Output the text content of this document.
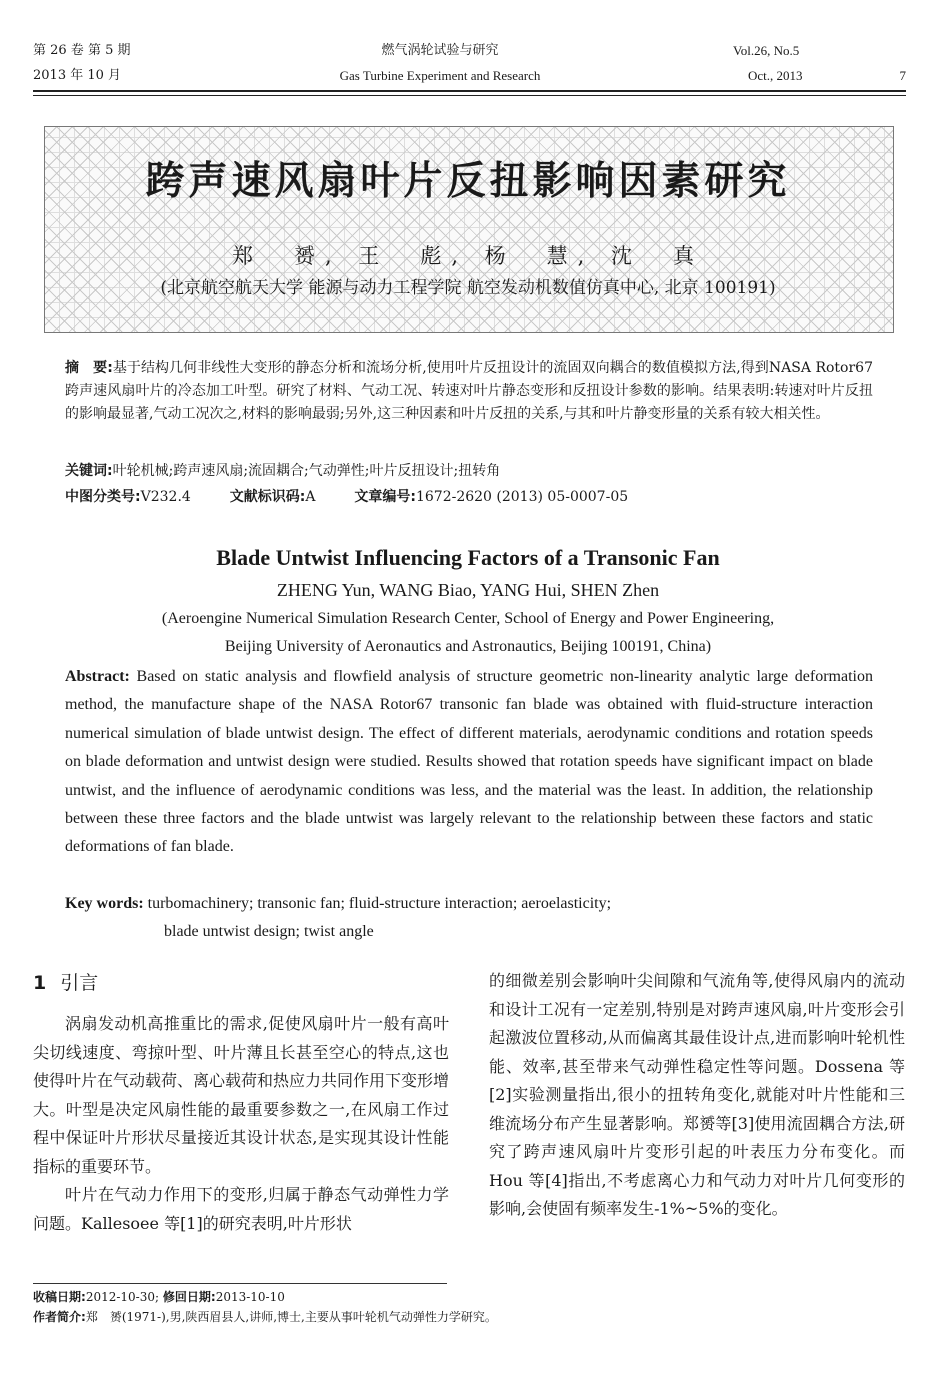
第 26 卷 第 5 期
2013 年 10 月
燃气涡轮试验与研究
Gas Turbine Experiment and Research
Vol.26, No.5
Oct., 2013	7
跨声速风扇叶片反扭影响因素研究
郑　赟, 王　彪, 杨　慧, 沈　真
(北京航空航天大学 能源与动力工程学院 航空发动机数值仿真中心, 北京 100191)
摘　要:基于结构几何非线性大变形的静态分析和流场分析,使用叶片反扭设计的流固双向耦合的数值模拟方法,得到NASA Rotor67跨声速风扇叶片的冷态加工叶型。研究了材料、气动工况、转速对叶片静态变形和反扭设计参数的影响。结果表明:转速对叶片反扭的影响最显著,气动工况次之,材料的影响最弱;另外,这三种因素和叶片反扭的关系,与其和叶片静变形量的关系有较大相关性。
关键词:叶轮机械;跨声速风扇;流固耦合;气动弹性;叶片反扭设计;扭转角
中图分类号:V232.4	文献标识码:A	文章编号:1672-2620 (2013) 05-0007-05
Blade Untwist Influencing Factors of a Transonic Fan
ZHENG Yun, WANG Biao, YANG Hui, SHEN Zhen
(Aeroengine Numerical Simulation Research Center, School of Energy and Power Engineering,
Beijing University of Aeronautics and Astronautics, Beijing 100191, China)
Abstract: Based on static analysis and flowfield analysis of structure geometric non-linearity analytic large deformation method, the manufacture shape of the NASA Rotor67 transonic fan blade was obtained with fluid-structure interaction numerical simulation of blade untwist design. The effect of different materials, aerodynamic conditions and rotation speeds on blade deformation and untwist design were studied. Results showed that rotation speeds have significant impact on blade untwist, and the influence of aerodynamic conditions was less, and the material was the least. In addition, the relationship between these three factors and the blade untwist was largely relevant to the relationship between these factors and static deformations of fan blade.
Key words: turbomachinery; transonic fan; fluid-structure interaction; aeroelasticity;
blade untwist design; twist angle
1 引言

涡扇发动机高推重比的需求,促使风扇叶片一般有高叶尖切线速度、弯掠叶型、叶片薄且长甚至空心的特点,这也使得叶片在气动载荷、离心载荷和热应力共同作用下变形增大。叶型是决定风扇性能的最重要参数之一,在风扇工作过程中保证叶片形状尽量接近其设计状态,是实现其设计性能指标的重要环节。

叶片在气动力作用下的变形,归属于静态气动弹性力学问题。Kallesoee 等[1]的研究表明,叶片形状

的细微差别会影响叶尖间隙和气流角等,使得风扇内的流动和设计工况有一定差别,特别是对跨声速风扇,叶片变形会引起激波位置移动,从而偏离其最佳设计点,进而影响叶轮机性能、效率,甚至带来气动弹性稳定性等问题。Dossena 等[2]实验测量指出,很小的扭转角变化,就能对叶片性能和三维流场分布产生显著影响。郑赟等[3]使用流固耦合方法,研究了跨声速风扇叶片变形引起的叶表压力分布变化。而 Hou 等[4]指出,不考虑离心力和气动力对叶片几何变形的影响,会使固有频率发生-1%~5%的变化。

收稿日期:2012-10-30; 修回日期:2013-10-10
作者简介:郑　赟(1971-),男,陕西眉县人,讲师,博士,主要从事叶轮机气动弹性力学研究。
